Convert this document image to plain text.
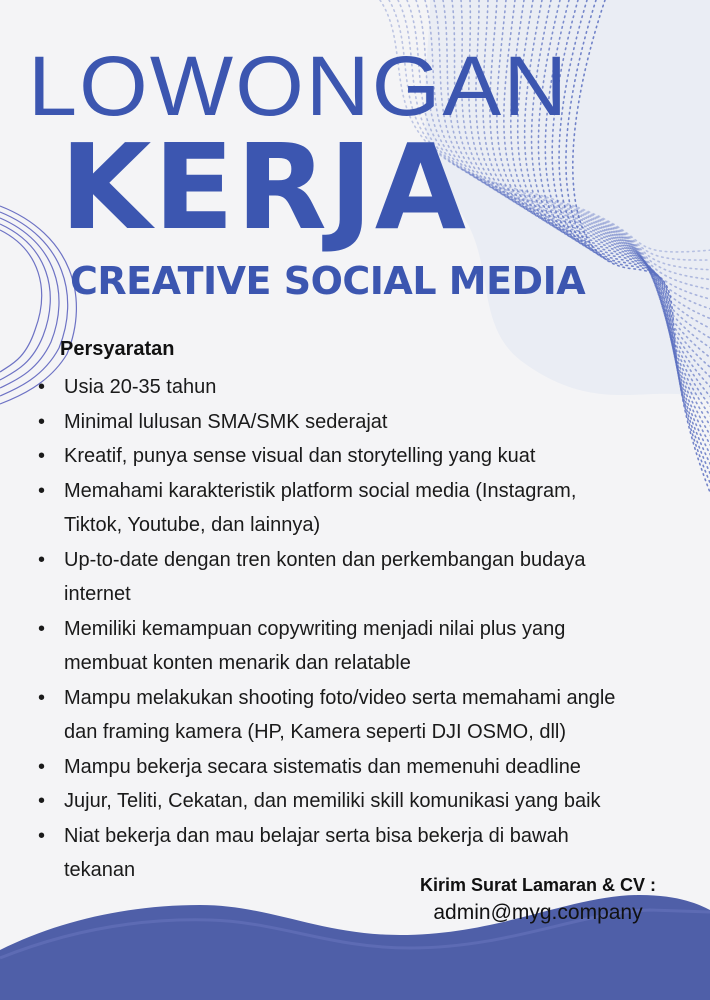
LOWONGAN
KERJA
CREATIVE SOCIAL MEDIA
Persyaratan
• Usia 20-35 tahun
• Minimal lulusan SMA/SMK sederajat
• Kreatif, punya sense visual dan storytelling yang kuat
• Memahami karakteristik platform social media (Instagram,
Tiktok, Youtube, dan lainnya)
• Up-to-date dengan tren konten dan perkembangan budaya
internet
• Memiliki kemampuan copywriting menjadi nilai plus yang
membuat konten menarik dan relatable
• Mampu melakukan shooting foto/video serta memahami angle
dan framing kamera (HP, Kamera seperti DJI OSMO, dll)
• Mampu bekerja secara sistematis dan memenuhi deadline
• Jujur, Teliti, Cekatan, dan memiliki skill komunikasi yang baik
• Niat bekerja dan mau belajar serta bisa bekerja di bawah
tekanan
Kirim Surat Lamaran & CV :
admin@myg.company
